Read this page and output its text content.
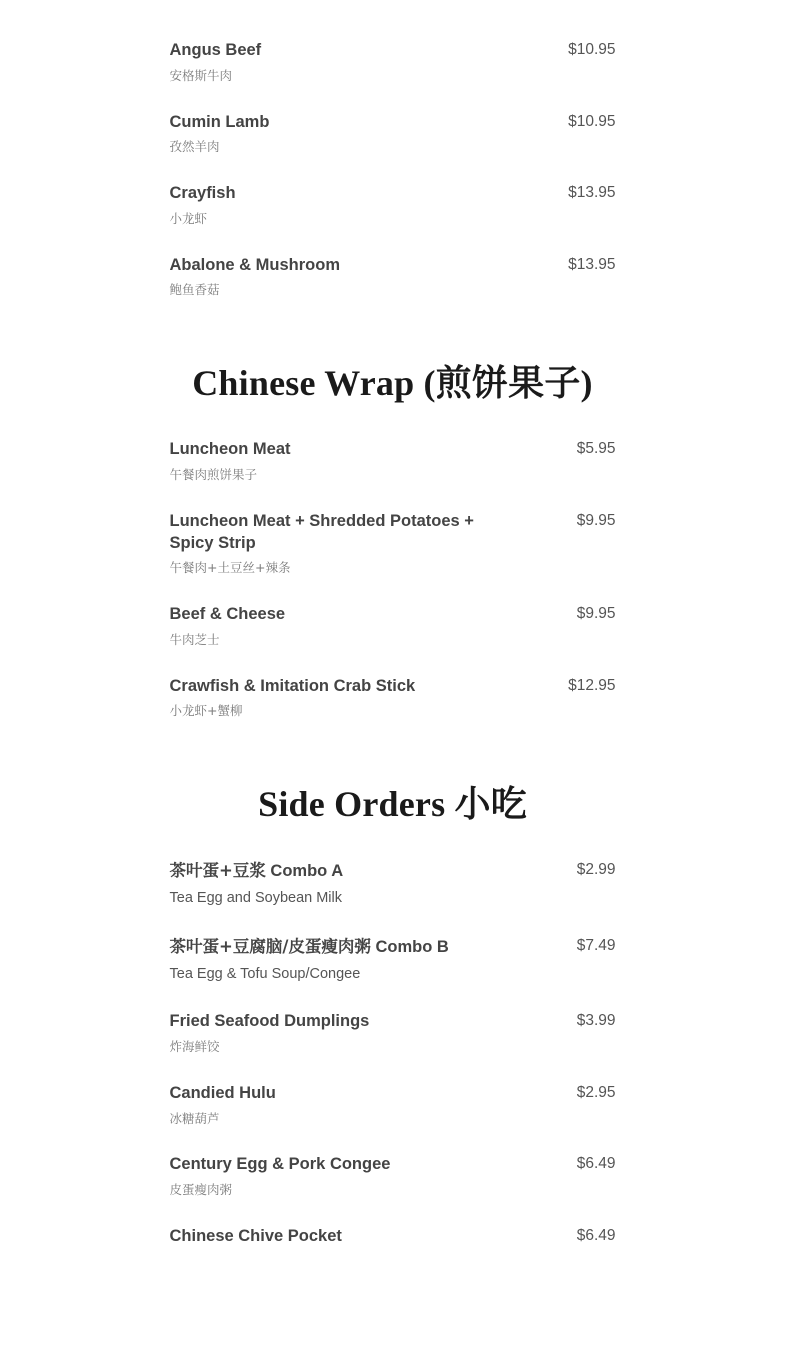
Angus Beef
安格斯牛肉
$10.95
Cumin Lamb
孜然羊肉
$10.95
Crayfish
小龙虾
$13.95
Abalone & Mushroom
鲍鱼香菇
$13.95
Chinese Wrap (煎饼果子)
Luncheon Meat
午餐肉煎饼果子
$5.95
Luncheon Meat + Shredded Potatoes + Spicy Strip
午餐肉+土豆丝+辣条
$9.95
Beef & Cheese
牛肉芝士
$9.95
Crawfish & Imitation Crab Stick
小龙虾+蟹柳
$12.95
Side Orders 小吃
茶叶蛋+豆浆 Combo A
Tea Egg and Soybean Milk
$2.99
茶叶蛋+豆腐脑/皮蛋瘦肉粥 Combo B
Tea Egg & Tofu Soup/Congee
$7.49
Fried Seafood Dumplings
炸海鲜饺
$3.99
Candied Hulu
冰糖葫芦
$2.95
Century Egg & Pork Congee
皮蛋瘦肉粥
$6.49
Chinese Chive Pocket	$6.49
